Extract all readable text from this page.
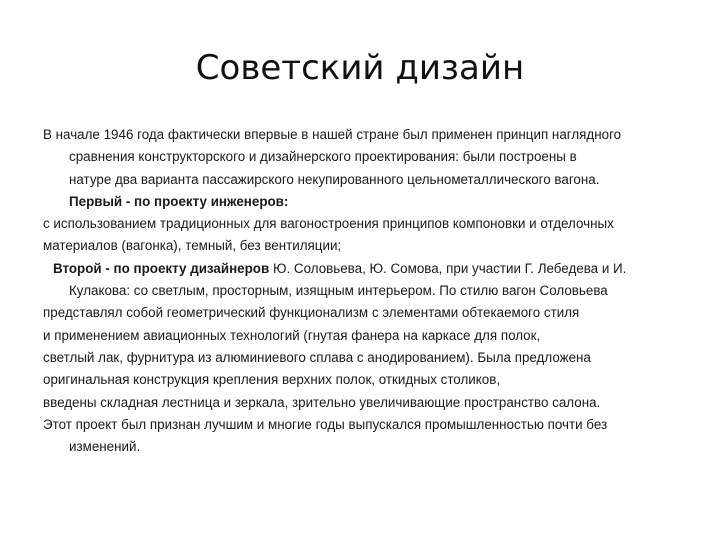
Советский дизайн
В начале 1946 года фактически впервые в нашей стране был применен принцип наглядного
сравнения конструкторского и дизайнерского проектирования: были построены в
натуре два варианта пассажирского некупированного цельнометаллического вагона.
Первый - по проекту инженеров:
с использованием традиционных для вагоностроения принципов компоновки и отделочных
материалов (вагонка), темный, без вентиляции;
Второй - по проекту дизайнеров Ю. Соловьева, Ю. Сомова, при участии Г. Лебедева и И.
Кулакова: со светлым, просторным, изящным интерьером. По стилю вагон Соловьева
представлял собой геометрический функционализм с элементами обтекаемого стиля
и применением авиационных технологий (гнутая фанера на каркасе для полок,
светлый лак, фурнитура из алюминиевого сплава с анодированием). Была предложена
оригинальная конструкция крепления верхних полок, откидных столиков,
введены складная лестница и зеркала, зрительно увеличивающие пространство салона.
Этот проект был признан лучшим и многие годы выпускался промышленностью почти без
изменений.
